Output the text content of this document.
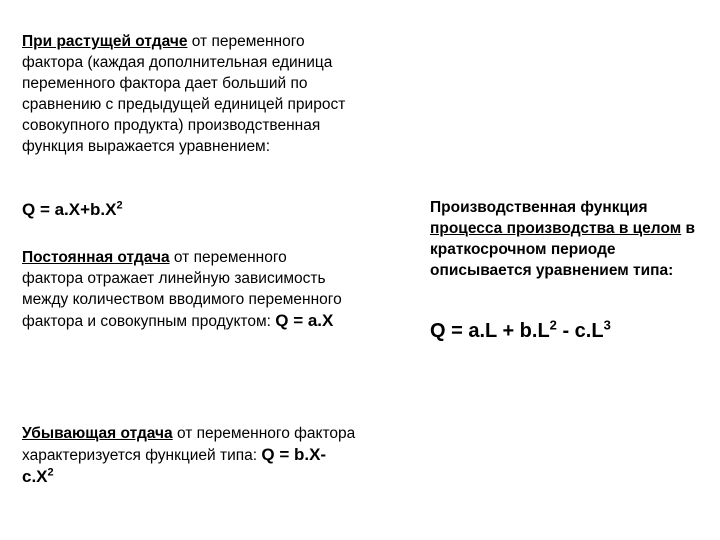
При растущей отдаче от переменного фактора (каждая дополнительная единица переменного фактора дает больший по сравнению с предыдущей единицей прирост совокупного продукта) производственная функция выражается уравнением:
$Q = a.X+b.X^2$
Постоянная отдача от переменного фактора отражает линейную зависимость между количеством вводимого переменного фактора и совокупным продуктом: Q = a.X
Убывающая отдача от переменного фактора характеризуется функцией типа: $Q = b.X-c.X^2$
Производственная функция процесса производства в целом в краткосрочном периоде описывается уравнением типа:
$Q = a.L + b.L^2 - c.L^3$
